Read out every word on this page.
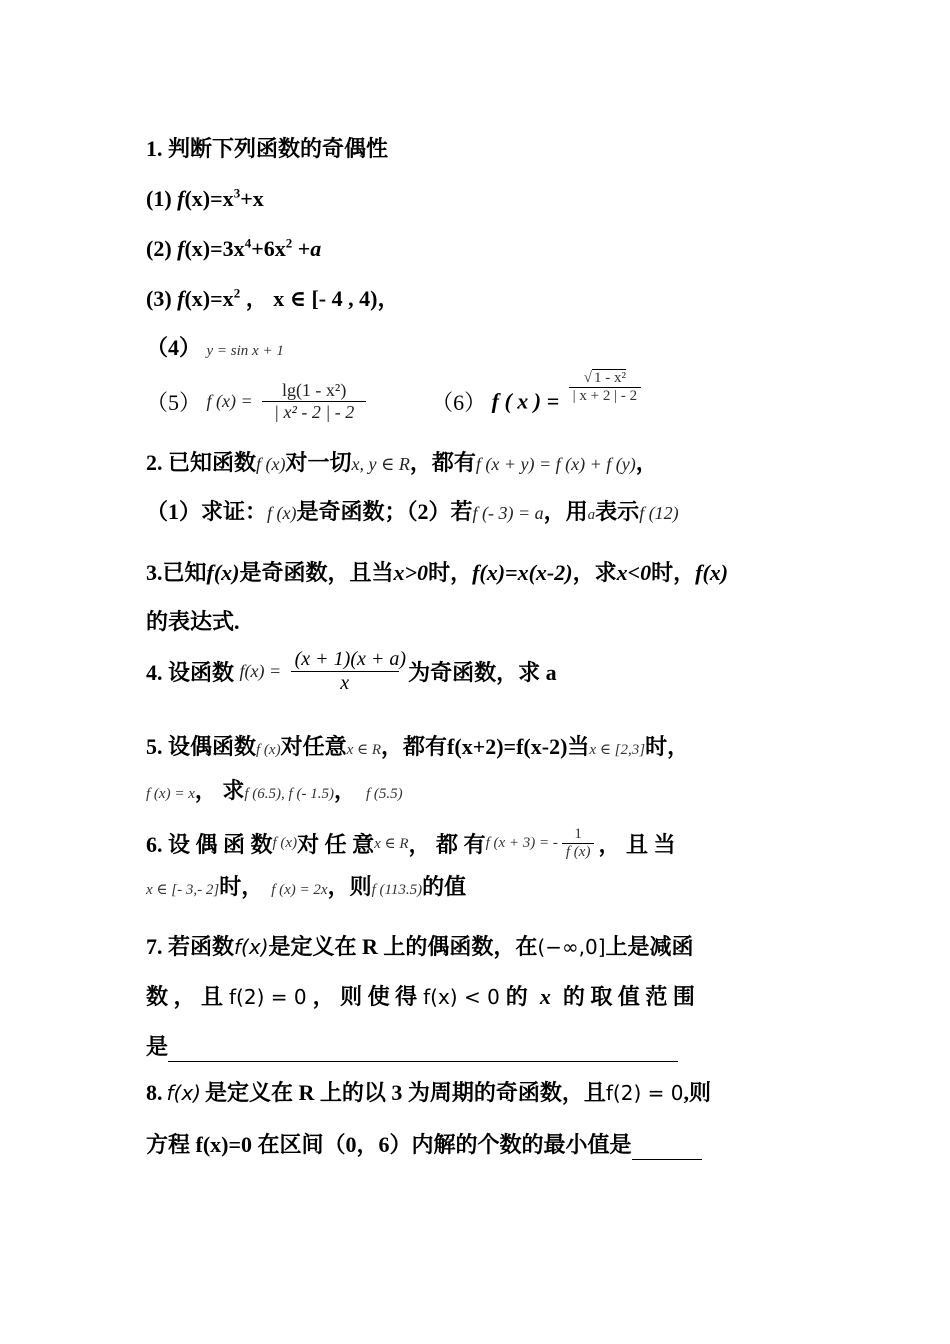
1. 判断下列函数的奇偶性
(1) $f(x)=x^3+x$
(2) $f(x)=3x^4+6x^2 +a$
(3) $f(x)=x^2$ ， x ∈ [- 4 , 4)，
（4） y = sin x + 1
（5） f $(x) = \frac{\text{lg(1 - x²)}}{\text{| x² - 2 | - 2}}$	（6） f ( x ) = $\frac{\text{√ 1 - x²}}{| x + 2 | - 2}$
2. 已知函数f (x)对一切x, y ∈ R，都有f (x + y) = f (x) + f (y)，
（1）求证：f (x)是奇函数；（2）若f (- 3) = a，用a表示f (12)
3.已知f(x)是奇函数，且当x>0时，f(x)=x(x-2)，求x<0时，f(x)
的表达式.
4. 设函数 $f(x) = \frac{(x + 1)(x + a)}{x}$ 为奇函数，求 a
5. 设偶函数f (x)对任意x ∈ R，都有f(x+2)=f(x-2)当x ∈ [2,3]时，
f (x) = x， 求f (6.5), f (- 1.5)， f (5.5)
6. 设 偶 函 数f (x)对 任 意x ∈ R， 都 有f (x + 3) = - $\frac{1}{f (x)}$ ， 且 当
x ∈ [- 3,- 2]时， f (x) = 2x，则f (113.5)的值
7. 若函数f(x)是定义在 R 上的偶函数，在(−∞,0]上是减函
数 ， 且 f(2) = 0 ， 则 使 得 f(x) < 0 的 x 的 取 值 范 围
是
8. f(x) 是定义在 R 上的以 3 为周期的奇函数，且f(2) = 0,则
方程 f(x)=0 在区间（0，6）内解的个数的最小值是
